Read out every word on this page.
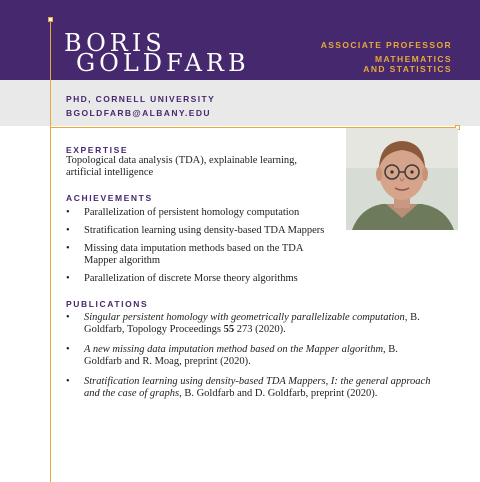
BORIS
GOLDFARB
ASSOCIATE PROFESSOR
MATHEMATICS
AND STATISTICS
PHD, CORNELL UNIVERSITY
BGOLDFARB@ALBANY.EDU
EXPERTISE
Topological data analysis (TDA), explainable learning, artificial intelligence
ACHIEVEMENTS
• Parallelization of persistent homology computation
• Stratification learning using density-based TDA Mappers
• Missing data imputation methods based on the TDA Mapper algorithm
• Parallelization of discrete Morse theory algorithms
PUBLICATIONS
• Singular persistent homology with geometrically parallelizable computation, B. Goldfarb, Topology Proceedings 55 273 (2020).
• A new missing data imputation method based on the Mapper algorithm, B. Goldfarb and R. Moag, preprint (2020).
• Stratification learning using density-based TDA Mappers, I: the general approach and the case of graphs, B. Goldfarb and D. Goldfarb, preprint (2020).
